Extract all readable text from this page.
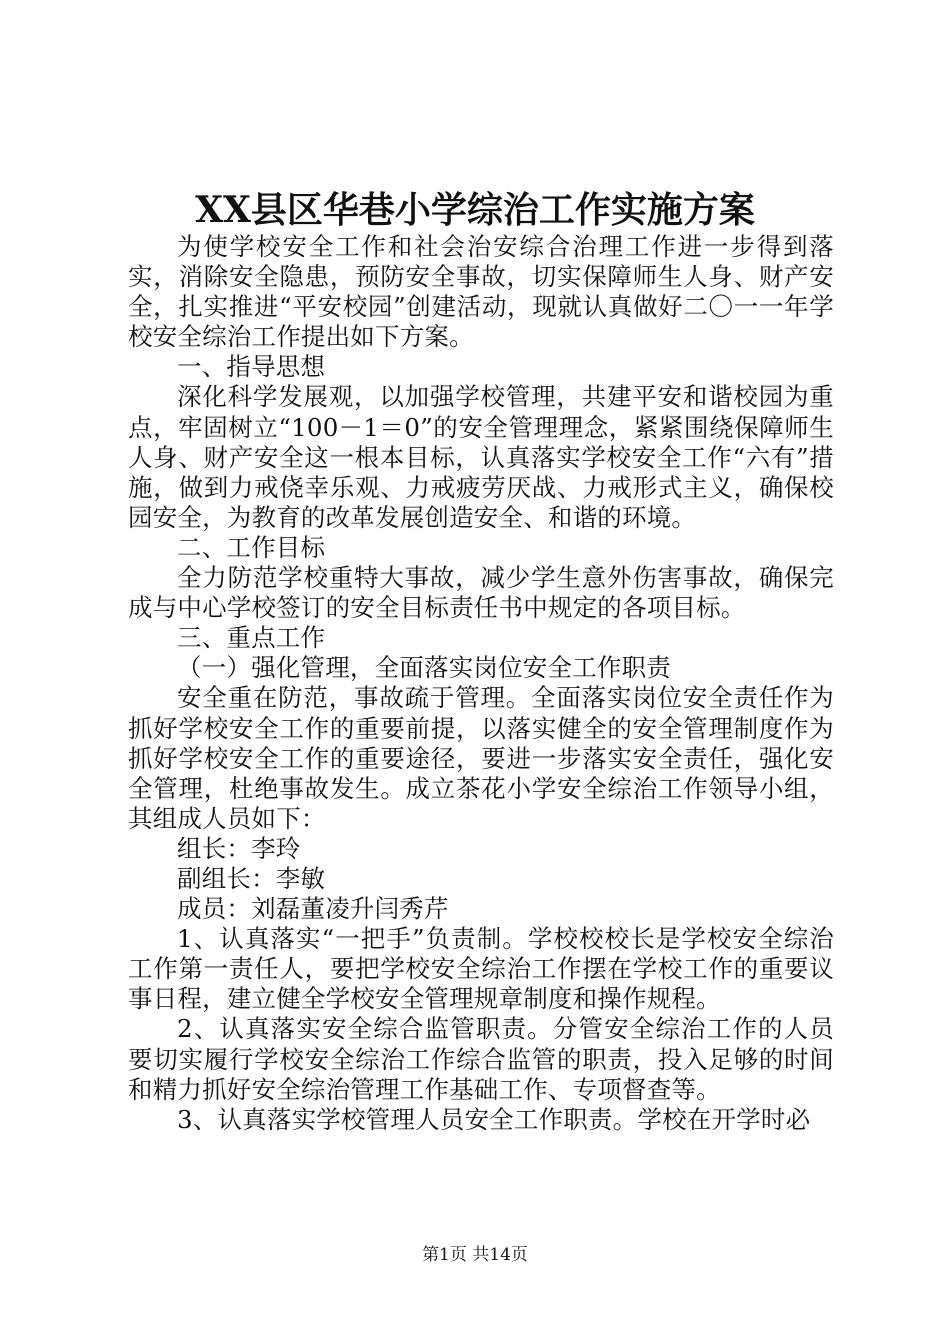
XX县区华巷小学综治工作实施方案

为使学校安全工作和社会治安综合治理工作进一步得到落实，消除安全隐患，预防安全事故，切实保障师生人身、财产安全，扎实推进“平安校园”创建活动，现就认真做好二〇一一年学校安全综治工作提出如下方案。

一、指导思想

深化科学发展观，以加强学校管理，共建平安和谐校园为重点，牢固树立“100－1＝0”的安全管理理念，紧紧围绕保障师生人身、财产安全这一根本目标，认真落实学校安全工作“六有”措施，做到力戒侥幸乐观、力戒疲劳厌战、力戒形式主义，确保校园安全，为教育的改革发展创造安全、和谐的环境。

二、工作目标

全力防范学校重特大事故，减少学生意外伤害事故，确保完成与中心学校签订的安全目标责任书中规定的各项目标。

三、重点工作

（一）强化管理，全面落实岗位安全工作职责

安全重在防范，事故疏于管理。全面落实岗位安全责任作为抓好学校安全工作的重要前提，以落实健全的安全管理制度作为抓好学校安全工作的重要途径，要进一步落实安全责任，强化安全管理，杜绝事故发生。成立茶花小学安全综治工作领导小组，其组成人员如下：

组长：李玲

副组长：李敏

成员：刘磊董凌升闫秀芹

1、认真落实“一把手”负责制。学校校校长是学校安全综治工作第一责任人，要把学校安全综治工作摆在学校工作的重要议事日程，建立健全学校安全管理规章制度和操作规程。

2、认真落实安全综合监管职责。分管安全综治工作的人员要切实履行学校安全综治工作综合监管的职责，投入足够的时间和精力抓好安全综治管理工作基础工作、专项督查等。

3、认真落实学校管理人员安全工作职责。学校在开学时必

第1页 共14页
